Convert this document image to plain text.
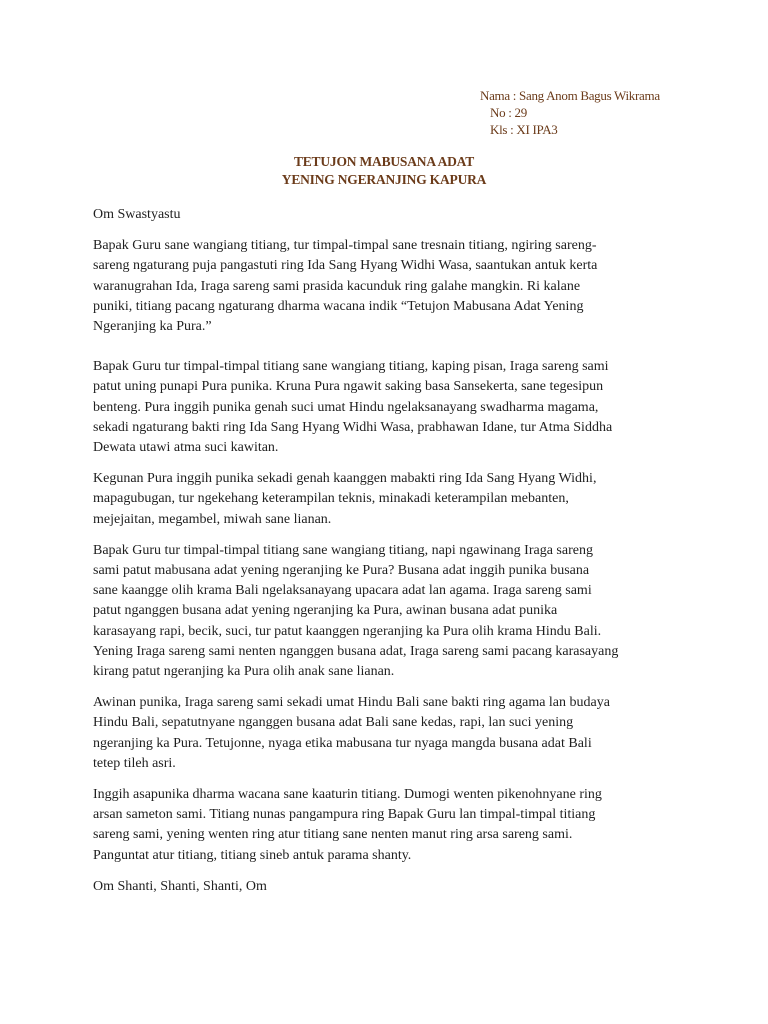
Nama : Sang Anom Bagus Wikrama
No : 29
Kls : XI IPA3
TETUJON MABUSANA ADAT
YENING NGERANJING KAPURA

Om Swastyastu

Bapak Guru sane wangiang titiang, tur timpal-timpal sane tresnain titiang, ngiring sareng-
sareng ngaturang puja pangastuti ring Ida Sang Hyang Widhi Wasa, saantukan antuk kerta
waranugrahan Ida, Iraga sareng sami prasida kacunduk ring galahe mangkin. Ri kalane
puniki, titiang pacang ngaturang dharma wacana indik “Tetujon Mabusana Adat Yening
Ngeranjing ka Pura.”

Bapak Guru tur timpal-timpal titiang sane wangiang titiang, kaping pisan, Iraga sareng sami
patut uning punapi Pura punika. Kruna Pura ngawit saking basa Sansekerta, sane tegesipun
benteng. Pura inggih punika genah suci umat Hindu ngelaksanayang swadharma magama,
sekadi ngaturang bakti ring Ida Sang Hyang Widhi Wasa, prabhawan Idane, tur Atma Siddha
Dewata utawi atma suci kawitan.

Kegunan Pura inggih punika sekadi genah kaanggen mabakti ring Ida Sang Hyang Widhi,
mapagubugan, tur ngekehang keterampilan teknis, minakadi keterampilan mebanten,
mejejaitan, megambel, miwah sane lianan.

Bapak Guru tur timpal-timpal titiang sane wangiang titiang, napi ngawinang Iraga sareng
sami patut mabusana adat yening ngeranjing ke Pura? Busana adat inggih punika busana
sane kaangge olih krama Bali ngelaksanayang upacara adat lan agama. Iraga sareng sami
patut nganggen busana adat yening ngeranjing ka Pura, awinan busana adat punika
karasayang rapi, becik, suci, tur patut kaanggen ngeranjing ka Pura olih krama Hindu Bali.
Yening Iraga sareng sami nenten nganggen busana adat, Iraga sareng sami pacang karasayang
kirang patut ngeranjing ka Pura olih anak sane lianan.

Awinan punika, Iraga sareng sami sekadi umat Hindu Bali sane bakti ring agama lan budaya
Hindu Bali, sepatutnyane nganggen busana adat Bali sane kedas, rapi, lan suci yening
ngeranjing ka Pura. Tetujonne, nyaga etika mabusana tur nyaga mangda busana adat Bali
tetep tileh asri.

Inggih asapunika dharma wacana sane kaaturin titiang. Dumogi wenten pikenohnyane ring
arsan sameton sami. Titiang nunas pangampura ring Bapak Guru lan timpal-timpal titiang
sareng sami, yening wenten ring atur titiang sane nenten manut ring arsa sareng sami.
Panguntat atur titiang, titiang sineb antuk parama shanty.

Om Shanti, Shanti, Shanti, Om
